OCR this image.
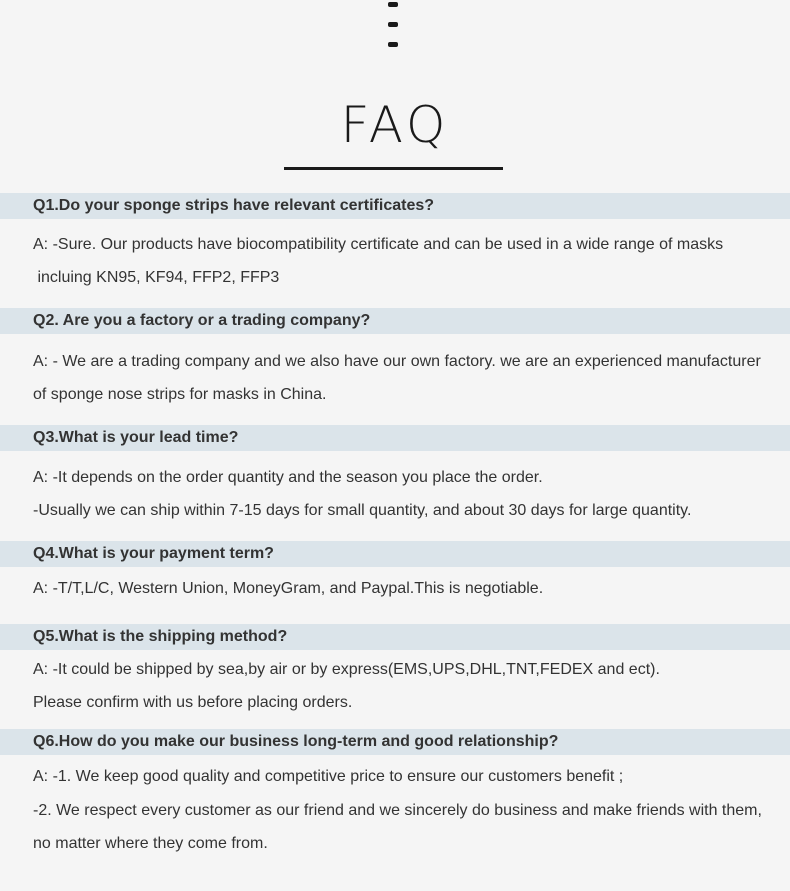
FAQ
Q1.Do your sponge strips have relevant certificates?
A: -Sure. Our products have biocompatibility certificate and can be used in a wide range of masks
incluing KN95, KF94, FFP2, FFP3
Q2. Are you a factory or a trading company?
A: - We are a trading company and we also have our own factory. we are an experienced manufacturer
of sponge nose strips for masks in China.
Q3.What is your lead time?
A: -It depends on the order quantity and the season you place the order.
-Usually we can ship within 7-15 days for small quantity, and about 30 days for large quantity.
Q4.What is your payment term?
A: -T/T,L/C, Western Union, MoneyGram, and Paypal.This is negotiable.
Q5.What is the shipping method?
A: -It could be shipped by sea,by air or by express(EMS,UPS,DHL,TNT,FEDEX and ect).
Please confirm with us before placing orders.
Q6.How do you make our business long-term and good relationship?
A: -1. We keep good quality and competitive price to ensure our customers benefit ;
-2. We respect every customer as our friend and we sincerely do business and make friends with them,
no matter where they come from.
